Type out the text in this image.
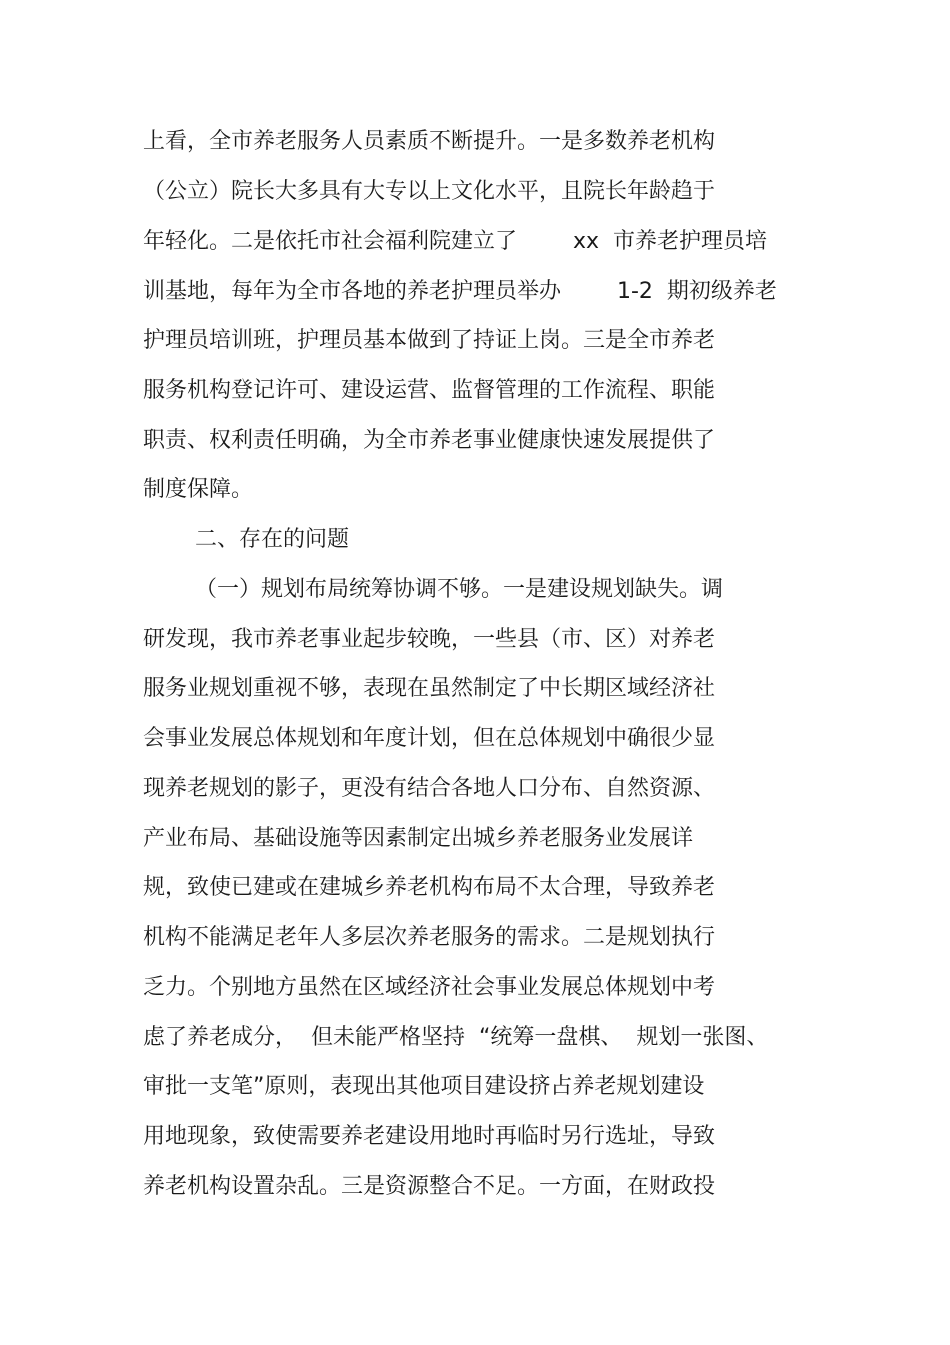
上看，全市养老服务人员素质不断提升。一是多数养老机构
（公立）院长大多具有大专以上文化水平，且院长年龄趋于
年轻化。二是依托市社会福利院建立了        xx  市养老护理员培
训基地，每年为全市各地的养老护理员举办        1-2  期初级养老
护理员培训班，护理员基本做到了持证上岗。三是全市养老
服务机构登记许可、建设运营、监督管理的工作流程、职能
职责、权利责任明确，为全市养老事业健康快速发展提供了
制度保障。
二、存在的问题
（一）规划布局统筹协调不够。一是建设规划缺失。调
研发现，我市养老事业起步较晚，一些县（市、区）对养老
服务业规划重视不够，表现在虽然制定了中长期区域经济社
会事业发展总体规划和年度计划，但在总体规划中确很少显
现养老规划的影子，更没有结合各地人口分布、自然资源、
产业布局、基础设施等因素制定出城乡养老服务业发展详
规，致使已建或在建城乡养老机构布局不太合理，导致养老
机构不能满足老年人多层次养老服务的需求。二是规划执行
乏力。个别地方虽然在区域经济社会事业发展总体规划中考
虑了养老成分，  但未能严格坚持  “统筹一盘棋、  规划一张图、
审批一支笔”原则，表现出其他项目建设挤占养老规划建设
用地现象，致使需要养老建设用地时再临时另行选址，导致
养老机构设置杂乱。三是资源整合不足。一方面，在财政投
